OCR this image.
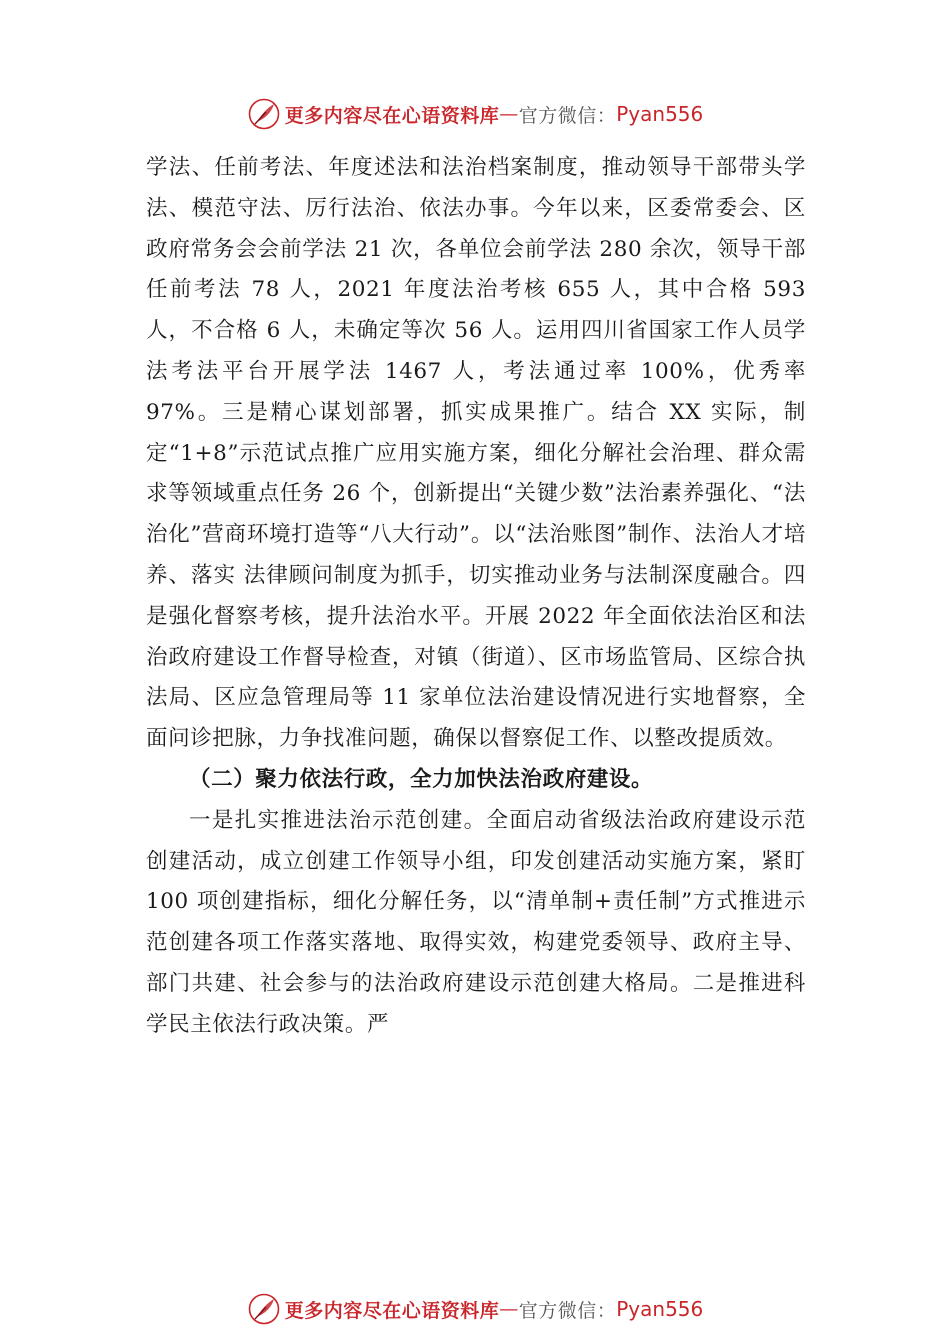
更多内容尽在心语资料库 — 官方微信： Pyan556

学法、任前考法、年度述法和法治档案制度，推动领导干部带头学法、模范守法、厉行法治、依法办事。今年以来，区委常委会、区政府常务会会前学法 21 次，各单位会前学法 280 余次，领导干部任前考法 78 人，2021 年度法治考核 655 人，其中合格 593 人，不合格 6 人，未确定等次 56 人。运用四川省国家工作人员学法考法平台开展学法 1467 人，考法通过率 100%，优秀率 97%。三是精心谋划部署，抓实成果推广。结合 XX 实际，制定“1+8”示范试点推广应用实施方案，细化分解社会治理、群众需求等领域重点任务 26 个，创新提出“关键少数”法治素养强化、“法治化”营商环境打造等“八大行动”。以“法治账图”制作、法治人才培养、落实 法律顾问制度为抓手，切实推动业务与法制深度融合。四是强化督察考核，提升法治水平。开展 2022 年全面依法治区和法治政府建设工作督导检查，对镇（街道）、区市场监管局、区综合执法局、区应急管理局等 11 家单位法治建设情况进行实地督察，全面问诊把脉，力争找准问题，确保以督察促工作、以整改提质效。

（二）聚力依法行政，全力加快法治政府建设。

一是扎实推进法治示范创建。全面启动省级法治政府建设示范创建活动，成立创建工作领导小组，印发创建活动实施方案，紧盯 100 项创建指标，细化分解任务，以“清单制+责任制”方式推进示范创建各项工作落实落地、取得实效，构建党委领导、政府主导、部门共建、社会参与的法治政府建设示范创建大格局。二是推进科学民主依法行政决策。严

更多内容尽在心语资料库 — 官方微信： Pyan556
